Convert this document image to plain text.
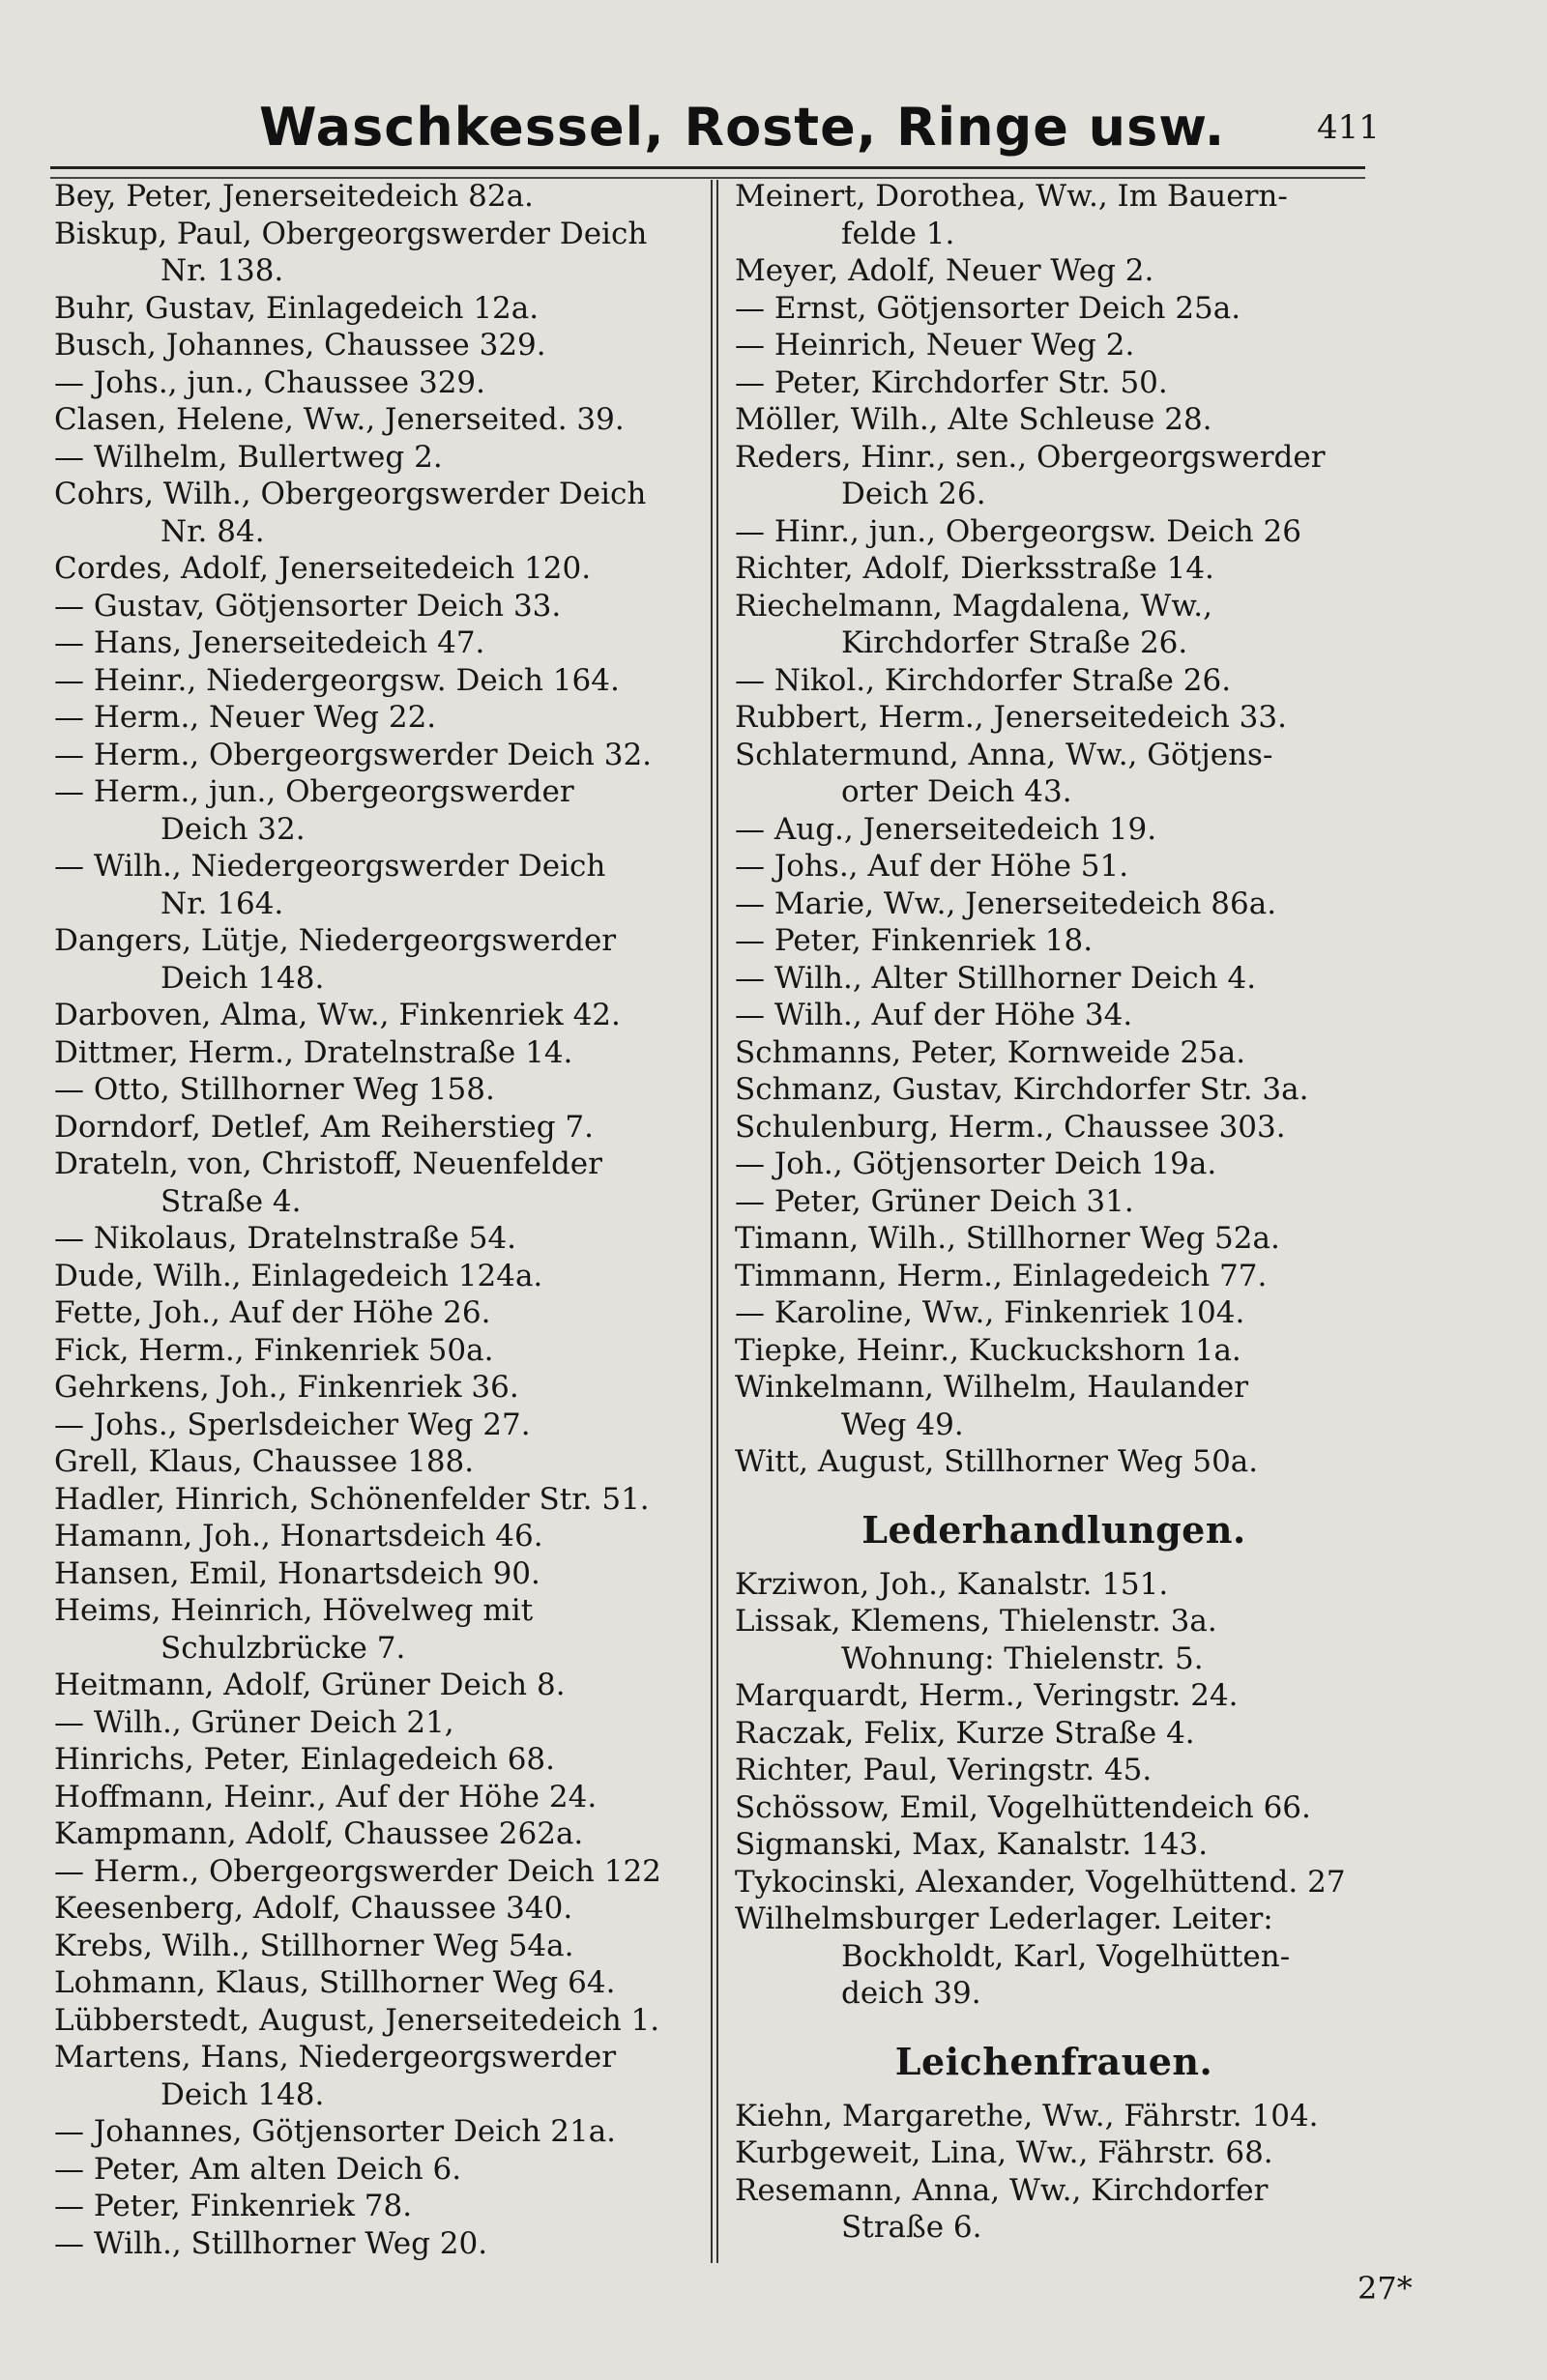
Waschkessel, Roste, Ringe usw.	411
Bey, Peter, Jenerseitedeich 82a.
Biskup, Paul, Obergeorgswerder Deich
Nr. 138.
Buhr, Gustav, Einlagedeich 12a.
Busch, Johannes, Chaussee 329.
— Johs., jun., Chaussee 329.
Clasen, Helene, Ww., Jenerseited. 39.
— Wilhelm, Bullertweg 2.
Cohrs, Wilh., Obergeorgswerder Deich
Nr. 84.
Cordes, Adolf, Jenerseitedeich 120.
— Gustav, Götjensorter Deich 33.
— Hans, Jenerseitedeich 47.
— Heinr., Niedergeorgsw. Deich 164.
— Herm., Neuer Weg 22.
— Herm., Obergeorgswerder Deich 32.
— Herm., jun., Obergeorgswerder
Deich 32.
— Wilh., Niedergeorgswerder Deich
Nr. 164.
Dangers, Lütje, Niedergeorgswerder
Deich 148.
Darboven, Alma, Ww., Finkenriek 42.
Dittmer, Herm., Dratelnstraße 14.
— Otto, Stillhorner Weg 158.
Dorndorf, Detlef, Am Reiherstieg 7.
Drateln, von, Christoff, Neuenfelder
Straße 4.
— Nikolaus, Dratelnstraße 54.
Dude, Wilh., Einlagedeich 124a.
Fette, Joh., Auf der Höhe 26.
Fick, Herm., Finkenriek 50a.
Gehrkens, Joh., Finkenriek 36.
— Johs., Sperlsdeicher Weg 27.
Grell, Klaus, Chaussee 188.
Hadler, Hinrich, Schönenfelder Str. 51.
Hamann, Joh., Honartsdeich 46.
Hansen, Emil, Honartsdeich 90.
Heims, Heinrich, Hövelweg mit
Schulzbrücke 7.
Heitmann, Adolf, Grüner Deich 8.
— Wilh., Grüner Deich 21,
Hinrichs, Peter, Einlagedeich 68.
Hoffmann, Heinr., Auf der Höhe 24.
Kampmann, Adolf, Chaussee 262a.
— Herm., Obergeorgswerder Deich 122
Keesenberg, Adolf, Chaussee 340.
Krebs, Wilh., Stillhorner Weg 54a.
Lohmann, Klaus, Stillhorner Weg 64.
Lübberstedt, August, Jenerseitedeich 1.
Martens, Hans, Niedergeorgswerder
Deich 148.
— Johannes, Götjensorter Deich 21a.
— Peter, Am alten Deich 6.
— Peter, Finkenriek 78.
— Wilh., Stillhorner Weg 20.
Meinert, Dorothea, Ww., Im Bauern-
felde 1.
Meyer, Adolf, Neuer Weg 2.
— Ernst, Götjensorter Deich 25a.
— Heinrich, Neuer Weg 2.
— Peter, Kirchdorfer Str. 50.
Möller, Wilh., Alte Schleuse 28.
Reders, Hinr., sen., Obergeorgswerder
Deich 26.
— Hinr., jun., Obergeorgsw. Deich 26
Richter, Adolf, Dierksstraße 14.
Riechelmann, Magdalena, Ww.,
Kirchdorfer Straße 26.
— Nikol., Kirchdorfer Straße 26.
Rubbert, Herm., Jenerseitedeich 33.
Schlatermund, Anna, Ww., Götjens-
orter Deich 43.
— Aug., Jenerseitedeich 19.
— Johs., Auf der Höhe 51.
— Marie, Ww., Jenerseitedeich 86a.
— Peter, Finkenriek 18.
— Wilh., Alter Stillhorner Deich 4.
— Wilh., Auf der Höhe 34.
Schmanns, Peter, Kornweide 25a.
Schmanz, Gustav, Kirchdorfer Str. 3a.
Schulenburg, Herm., Chaussee 303.
— Joh., Götjensorter Deich 19a.
— Peter, Grüner Deich 31.
Timann, Wilh., Stillhorner Weg 52a.
Timmann, Herm., Einlagedeich 77.
— Karoline, Ww., Finkenriek 104.
Tiepke, Heinr., Kuckuckshorn 1a.
Winkelmann, Wilhelm, Haulander
Weg 49.
Witt, August, Stillhorner Weg 50a.
Lederhandlungen.
Krziwon, Joh., Kanalstr. 151.
Lissak, Klemens, Thielenstr. 3a.
Wohnung: Thielenstr. 5.
Marquardt, Herm., Veringstr. 24.
Raczak, Felix, Kurze Straße 4.
Richter, Paul, Veringstr. 45.
Schössow, Emil, Vogelhüttendeich 66.
Sigmanski, Max, Kanalstr. 143.
Tykocinski, Alexander, Vogelhüttend. 27
Wilhelmsburger Lederlager. Leiter:
Bockholdt, Karl, Vogelhütten-
deich 39.
Leichenfrauen.
Kiehn, Margarethe, Ww., Fährstr. 104.
Kurbgeweit, Lina, Ww., Fährstr. 68.
Resemann, Anna, Ww., Kirchdorfer
Straße 6.
27*
